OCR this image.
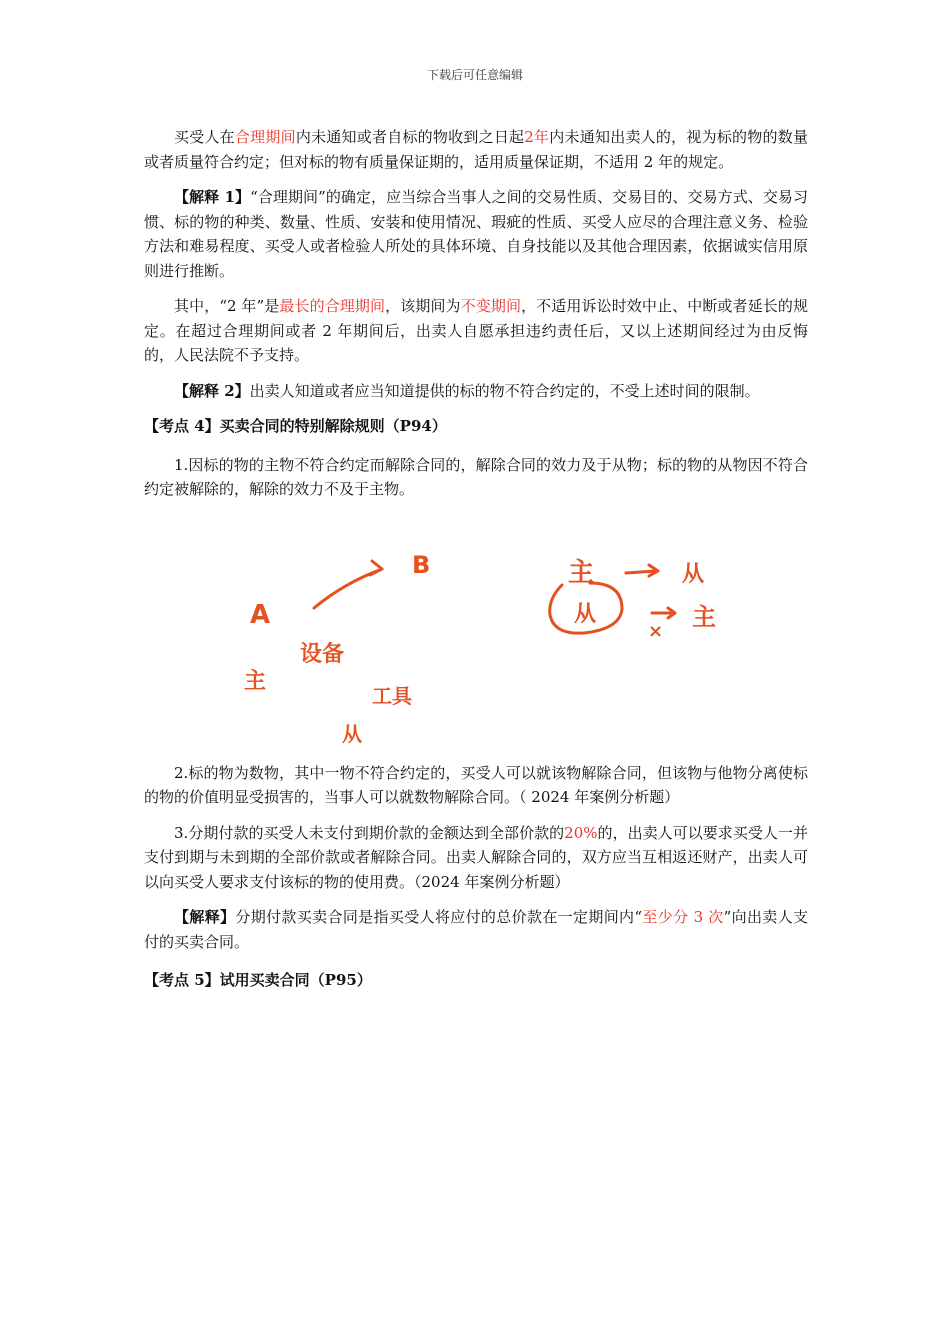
下载后可任意编辑

买受人在合理期间内未通知或者自标的物收到之日起2年内未通知出卖人的，视为标的物的数量或者质量符合约定；但对标的物有质量保证期的，适用质量保证期，不适用 2 年的规定。

【解释 1】“合理期间”的确定，应当综合当事人之间的交易性质、交易目的、交易方式、交易习惯、标的物的种类、数量、性质、安装和使用情况、瑕疵的性质、买受人应尽的合理注意义务、检验方法和难易程度、买受人或者检验人所处的具体环境、自身技能以及其他合理因素，依据诚实信用原则进行推断。

其中，“2 年”是最长的合理期间，该期间为不变期间，不适用诉讼时效中止、中断或者延长的规定。在超过合理期间或者 2 年期间后，出卖人自愿承担违约责任后，又以上述期间经过为由反悔的，人民法院不予支持。

【解释 2】出卖人知道或者应当知道提供的标的物不符合约定的，不受上述时间的限制。

【考点 4】买卖合同的特别解除规则（P94）

1.因标的物的主物不符合约定而解除合同的，解除合同的效力及于从物；标的物的从物因不符合约定被解除的，解除的效力不及于主物。

A
B
主
设备
工具
从
主	从
从
×
主

2.标的物为数物，其中一物不符合约定的，买受人可以就该物解除合同，但该物与他物分离使标的物的价值明显受损害的，当事人可以就数物解除合同。（ 2024 年案例分析题）

3.分期付款的买受人未支付到期价款的金额达到全部价款的20%的，出卖人可以要求买受人一并支付到期与未到期的全部价款或者解除合同。出卖人解除合同的，双方应当互相返还财产，出卖人可以向买受人要求支付该标的物的使用费。（2024 年案例分析题）

【解释】分期付款买卖合同是指买受人将应付的总价款在一定期间内“至少分 3 次”向出卖人支付的买卖合同。

【考点 5】试用买卖合同（P95）
